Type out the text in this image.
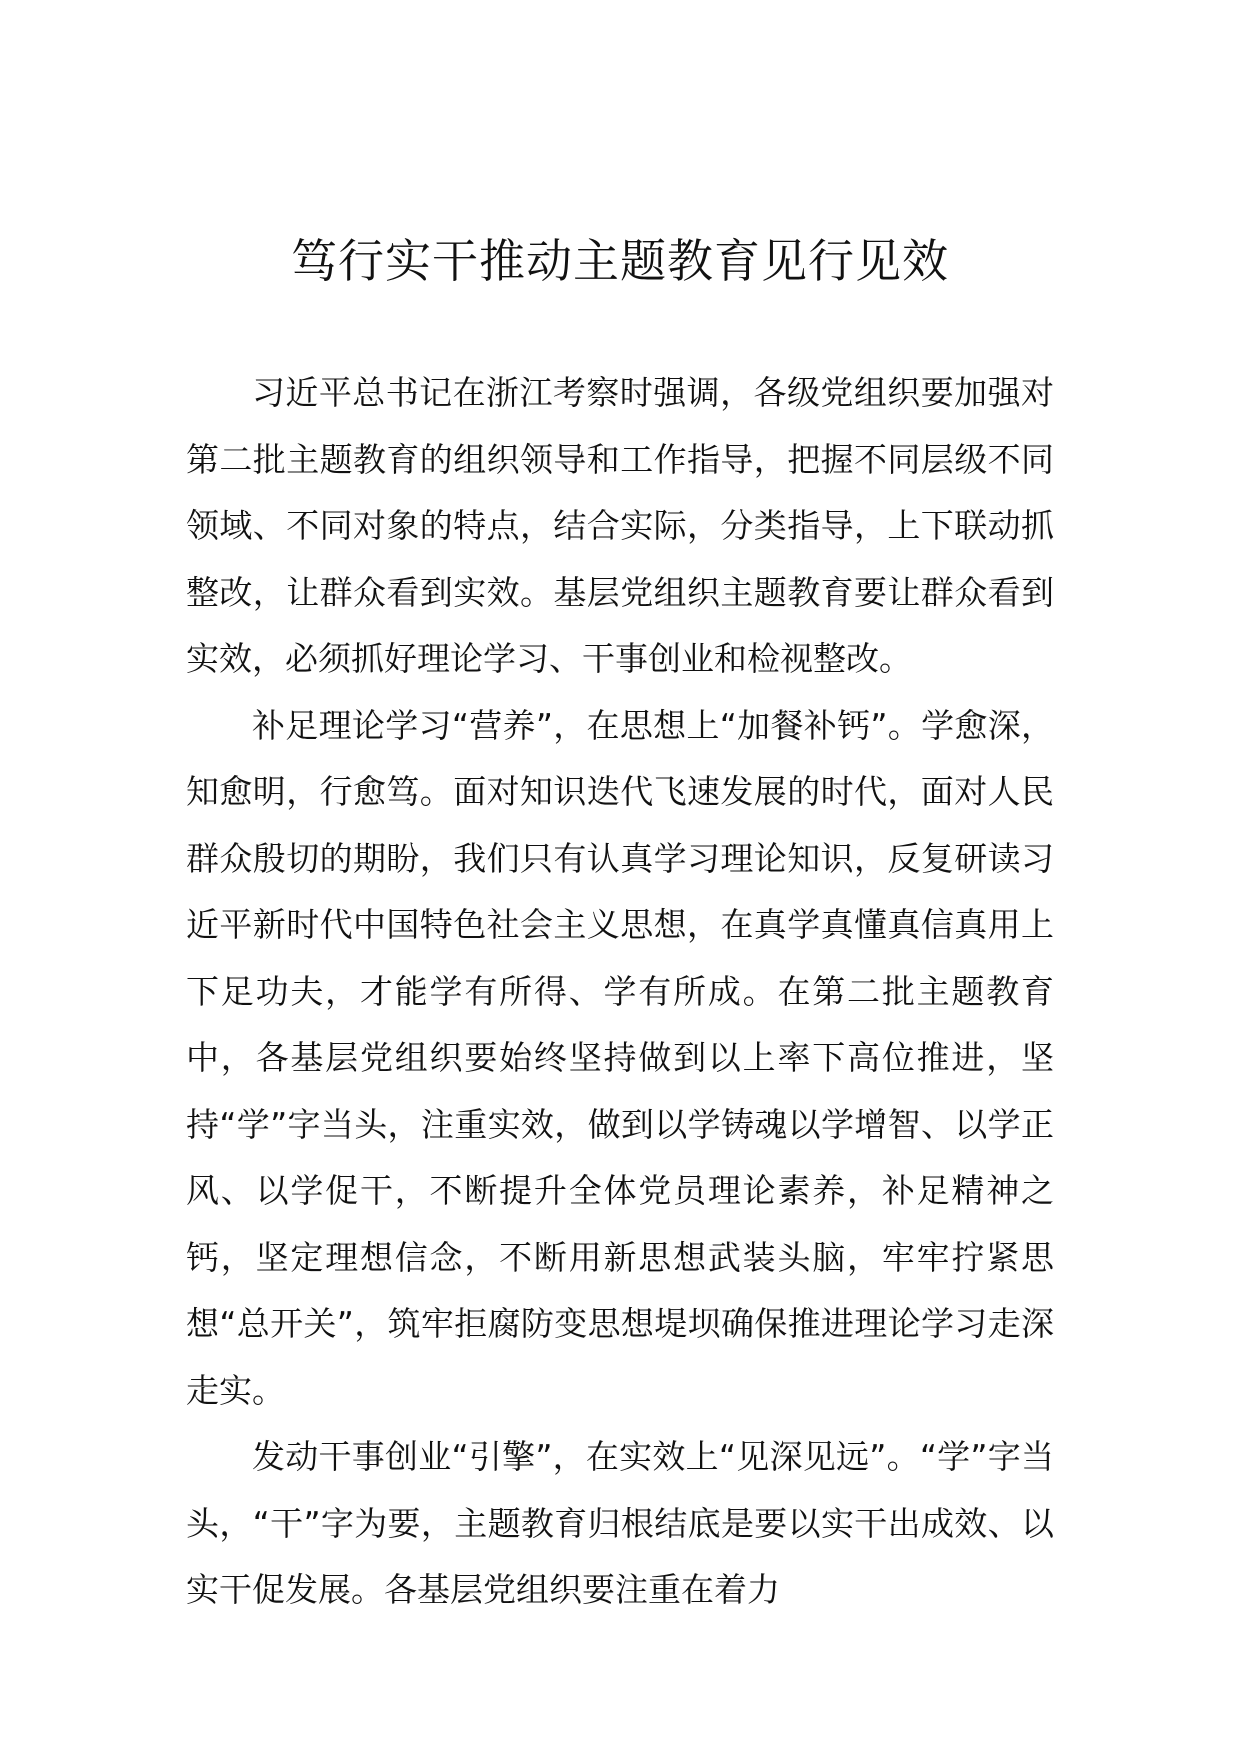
笃行实干推动主题教育见行见效

习近平总书记在浙江考察时强调，各级党组织要加强对第二批主题教育的组织领导和工作指导，把握不同层级不同领域、不同对象的特点，结合实际，分类指导，上下联动抓整改，让群众看到实效。基层党组织主题教育要让群众看到实效，必须抓好理论学习、干事创业和检视整改。

补足理论学习“营养”，在思想上“加餐补钙”。学愈深，知愈明，行愈笃。面对知识迭代飞速发展的时代，面对人民群众殷切的期盼，我们只有认真学习理论知识，反复研读习近平新时代中国特色社会主义思想，在真学真懂真信真用上下足功夫，才能学有所得、学有所成。在第二批主题教育中，各基层党组织要始终坚持做到以上率下高位推进，坚持“学”字当头，注重实效，做到以学铸魂以学增智、以学正风、以学促干，不断提升全体党员理论素养，补足精神之钙，坚定理想信念，不断用新思想武装头脑，牢牢拧紧思想“总开关”，筑牢拒腐防变思想堤坝确保推进理论学习走深走实。

发动干事创业“引擎”，在实效上“见深见远”。“学”字当头，“干”字为要，主题教育归根结底是要以实干出成效、以实干促发展。各基层党组织要注重在着力
